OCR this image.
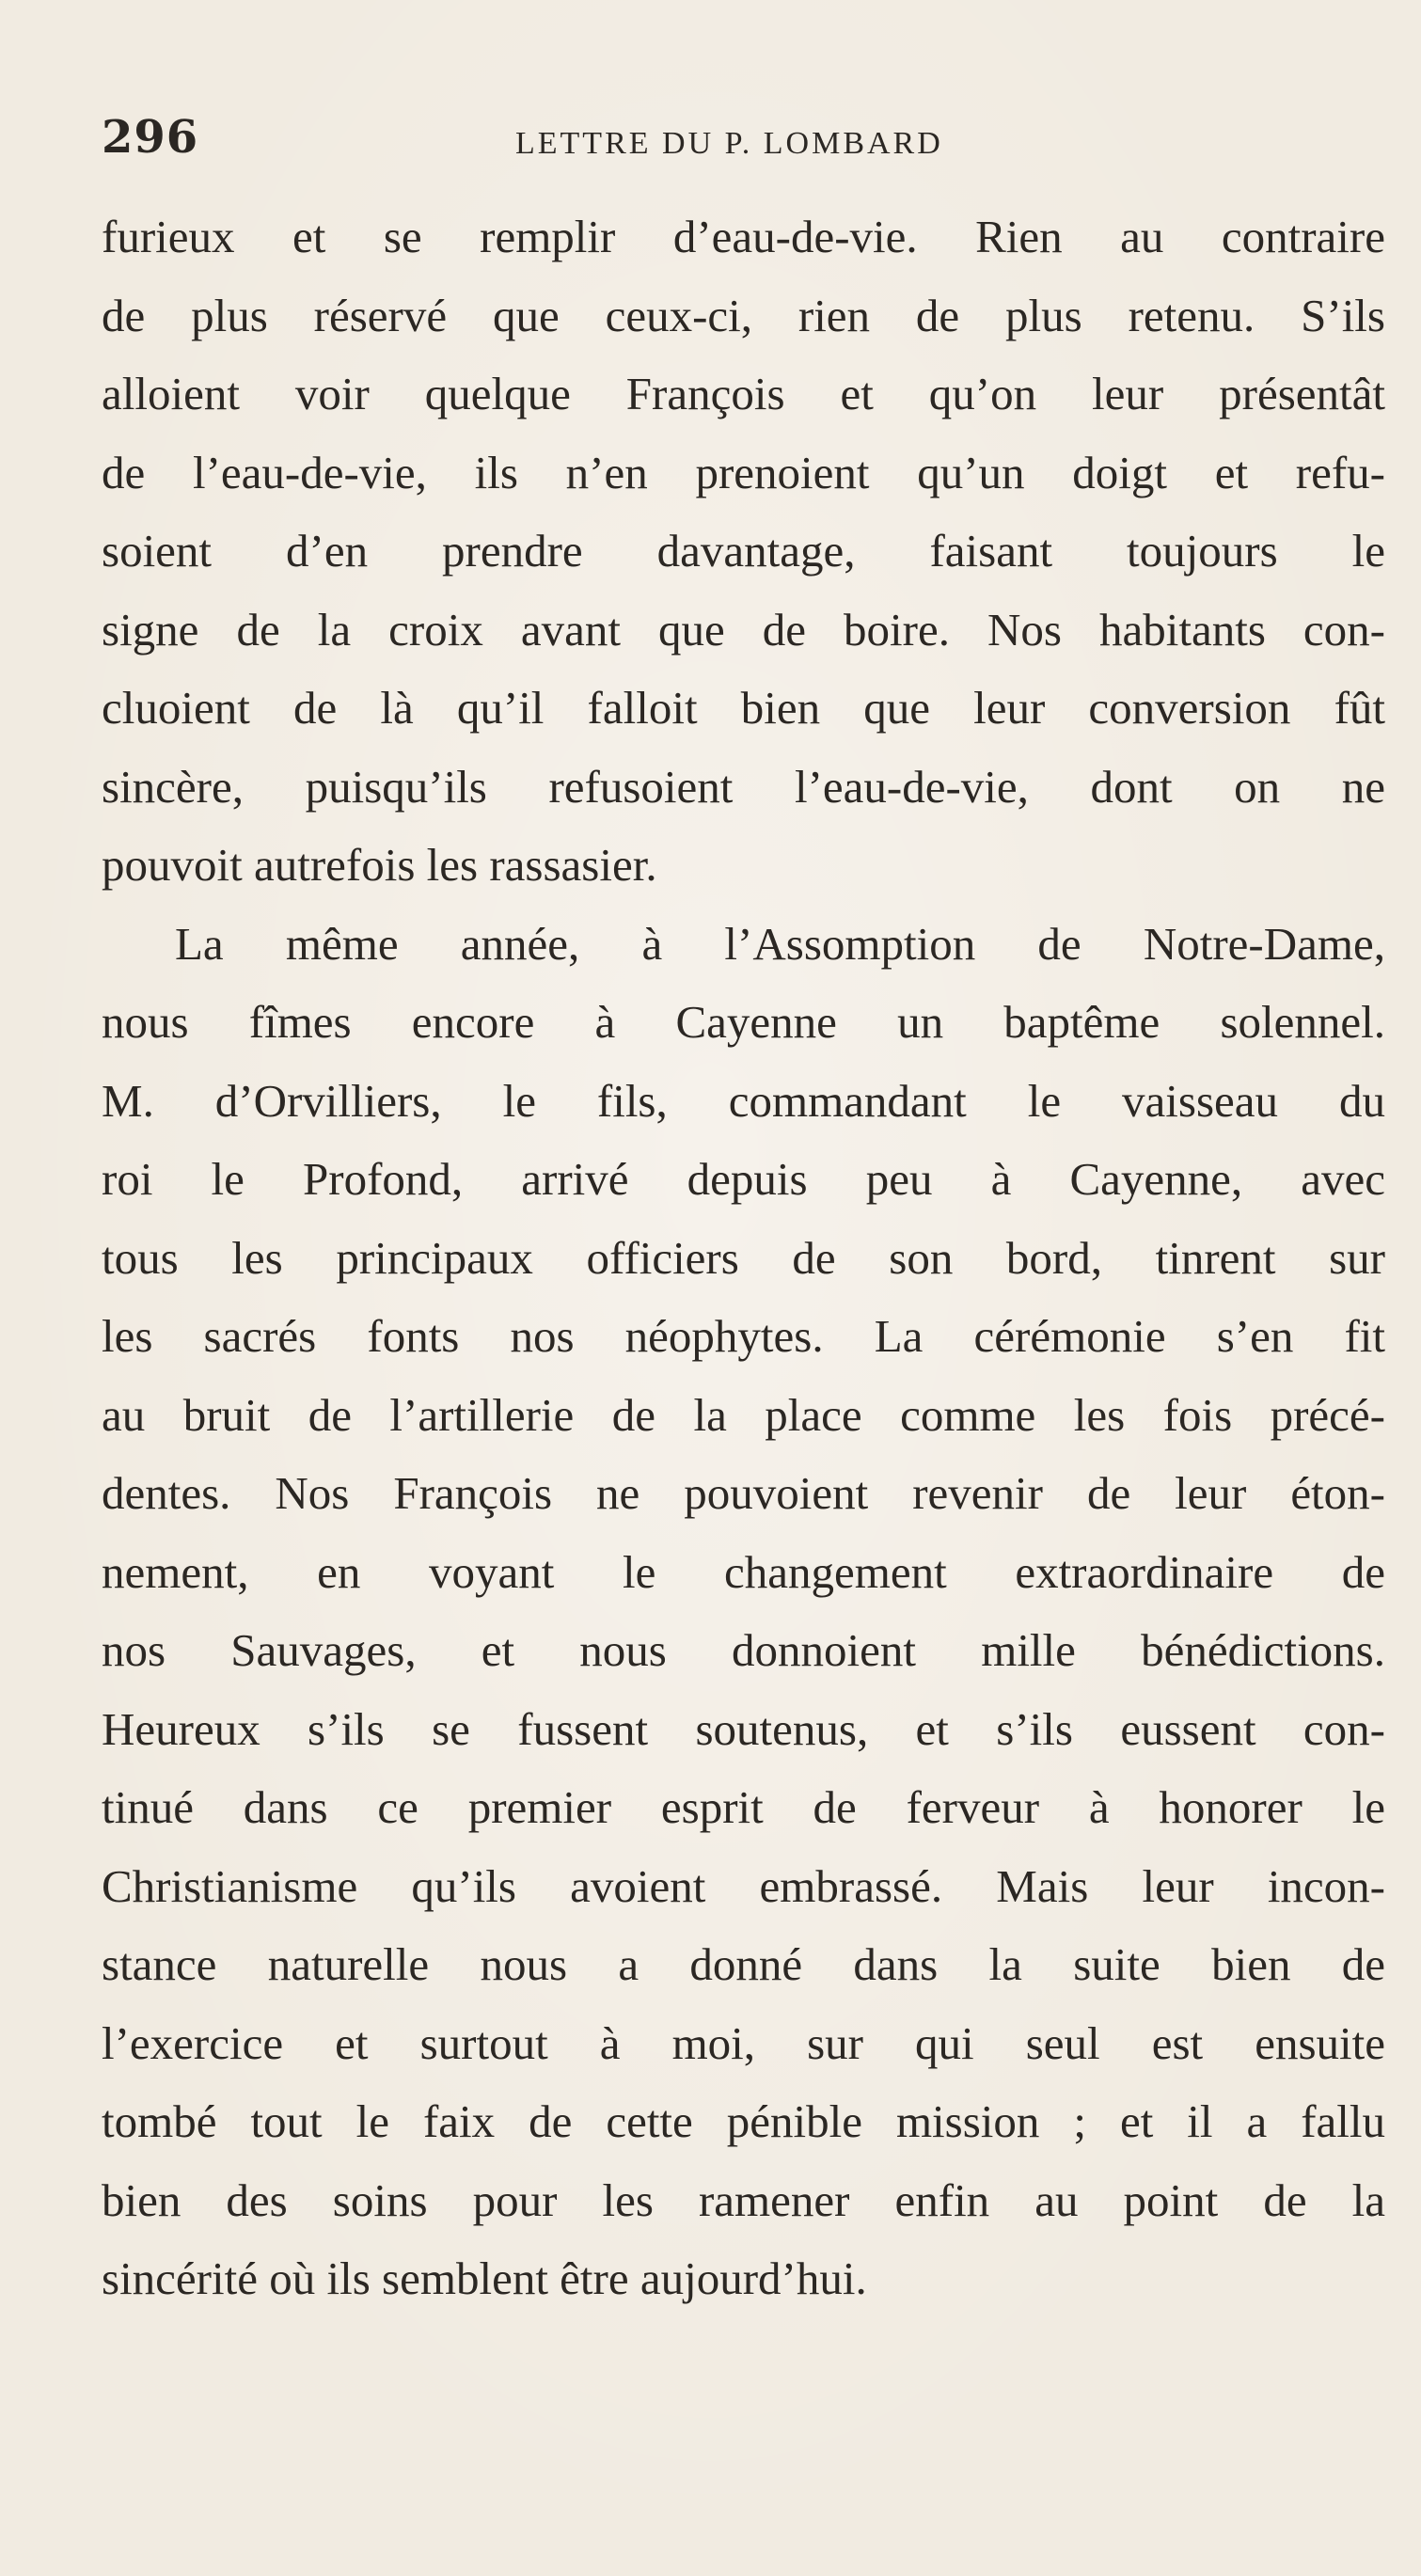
296	LETTRE DU P. LOMBARD
furieux et se remplir d’eau-de-vie. Rien au contraire
de plus réservé que ceux-ci, rien de plus retenu. S’ils
alloient voir quelque François et qu’on leur présentât
de l’eau-de-vie, ils n’en prenoient qu’un doigt et refu-
soient d’en prendre davantage, faisant toujours le
signe de la croix avant que de boire. Nos habitants con-
cluoient de là qu’il falloit bien que leur conversion fût
sincère, puisqu’ils refusoient l’eau-de-vie, dont on ne
pouvoit autrefois les rassasier.
La même année, à l’Assomption de Notre-Dame,
nous fîmes encore à Cayenne un baptême solennel.
M. d’Orvilliers, le fils, commandant le vaisseau du
roi le Profond, arrivé depuis peu à Cayenne, avec
tous les principaux officiers de son bord, tinrent sur
les sacrés fonts nos néophytes. La cérémonie s’en fit
au bruit de l’artillerie de la place comme les fois précé-
dentes. Nos François ne pouvoient revenir de leur éton-
nement, en voyant le changement extraordinaire de
nos Sauvages, et nous donnoient mille bénédictions.
Heureux s’ils se fussent soutenus, et s’ils eussent con-
tinué dans ce premier esprit de ferveur à honorer le
Christianisme qu’ils avoient embrassé. Mais leur incon-
stance naturelle nous a donné dans la suite bien de
l’exercice et surtout à moi, sur qui seul est ensuite
tombé tout le faix de cette pénible mission ; et il a fallu
bien des soins pour les ramener enfin au point de la
sincérité où ils semblent être aujourd’hui.
